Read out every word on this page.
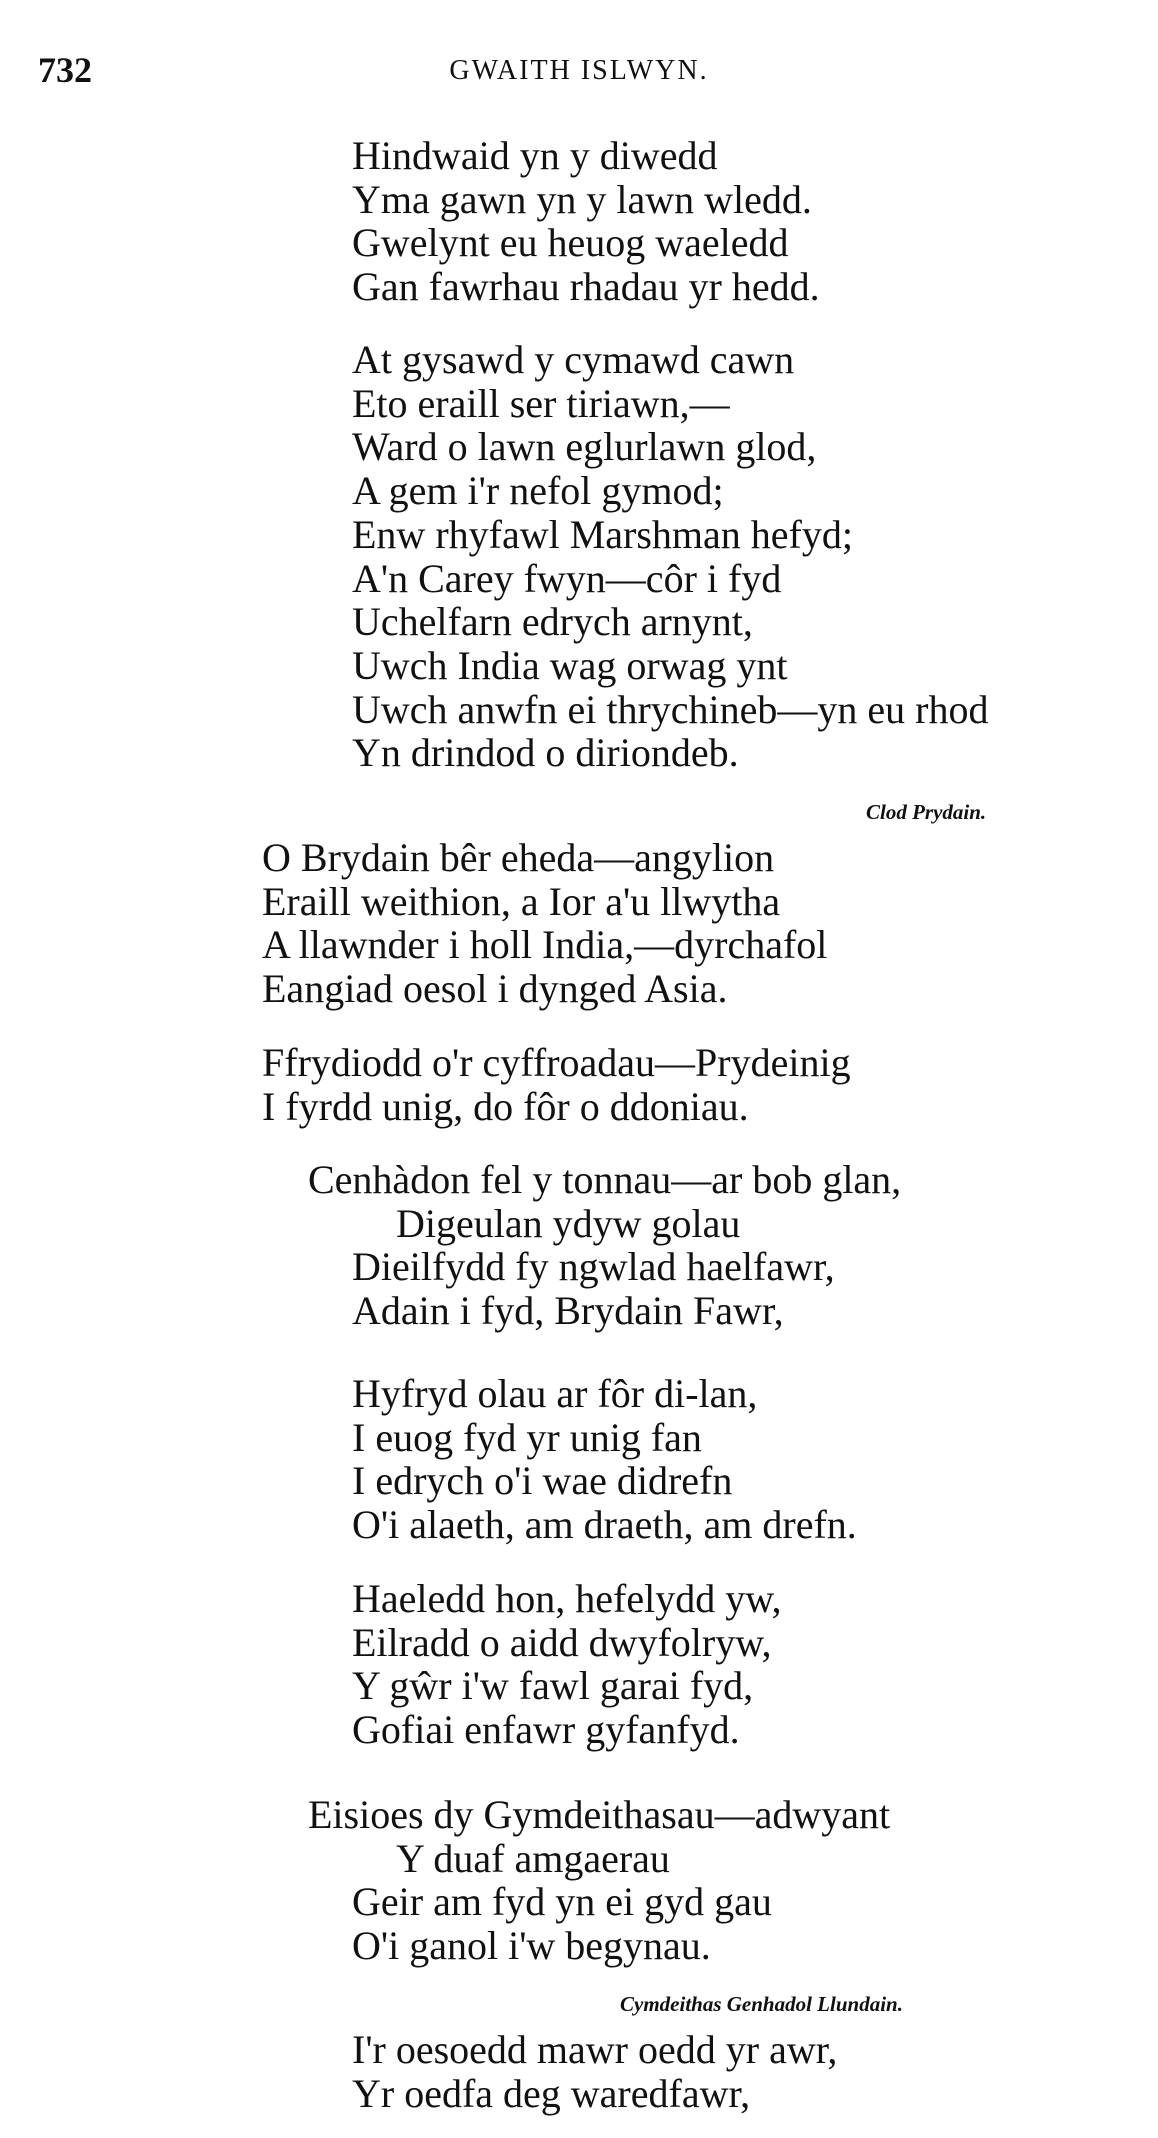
732	GWAITH ISLWYN.
Hindwaid yn y diwedd
Yma gawn yn y lawn wledd.
Gwelynt eu heuog waeledd
Gan fawrhau rhadau yr hedd.
At gysawd y cymawd cawn
Eto eraill ser tiriawn,—
Ward o lawn eglurlawn glod,
A gem i'r nefol gymod;
Enw rhyfawl Marshman hefyd;
A'n Carey fwyn—côr i fyd
Uchelfarn edrych arnynt,
Uwch India wag orwag ynt
Uwch anwfn ei thrychineb—yn eu rhod
Yn drindod o diriondeb.
Clod Prydain.
O Brydain bêr eheda—angylion
Eraill weithion, a Ior a'u llwytha
A llawnder i holl India,—dyrchafol
Eangiad oesol i dynged Asia.
Ffrydiodd o'r cyffroadau—Prydeinig
I fyrdd unig, do fôr o ddoniau.
Cenhàdon fel y tonnau—ar bob glan,
Digeulan ydyw golau
Dieilfydd fy ngwlad haelfawr,
Adain i fyd, Brydain Fawr,
Hyfryd olau ar fôr di-lan,
I euog fyd yr unig fan
I edrych o'i wae didrefn
O'i alaeth, am draeth, am drefn.
Haeledd hon, hefelydd yw,
Eilradd o aidd dwyfolryw,
Y gŵr i'w fawl garai fyd,
Gofiai enfawr gyfanfyd.
Eisioes dy Gymdeithasau—adwyant
Y duaf amgaerau
Geir am fyd yn ei gyd gau
O'i ganol i'w begynau.
Cymdeithas Genhadol Llundain.
I'r oesoedd mawr oedd yr awr,
Yr oedfa deg waredfawr,
